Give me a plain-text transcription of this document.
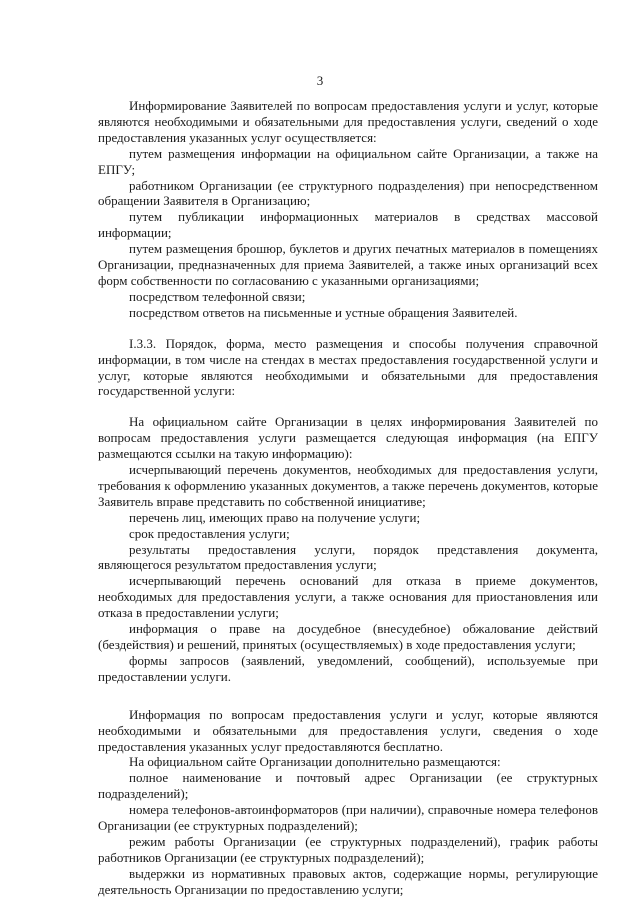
3

Информирование Заявителей по вопросам предоставления услуги и услуг, которые являются необходимыми и обязательными для предоставления услуги, сведений о ходе предоставления указанных услуг осуществляется:

путем размещения информации на официальном сайте Организации, а также на ЕПГУ;

работником Организации (ее структурного подразделения) при непосредственном обращении Заявителя в Организацию;

путем публикации информационных материалов в средствах массовой информации;

путем размещения брошюр, буклетов и других печатных материалов в помещениях Организации, предназначенных для приема Заявителей, а также иных организаций всех форм собственности по согласованию с указанными организациями;

посредством телефонной связи;

посредством ответов на письменные и устные обращения Заявителей.

I.3.3. Порядок, форма, место размещения и способы получения справочной информации, в том числе на стендах в местах предоставления государственной услуги и услуг, которые являются необходимыми и обязательными для предоставления государственной услуги:

На официальном сайте Организации в целях информирования Заявителей по вопросам предоставления услуги размещается следующая информация (на ЕПГУ размещаются ссылки на такую информацию):

исчерпывающий перечень документов, необходимых для предоставления услуги, требования к оформлению указанных документов, а также перечень документов, которые Заявитель вправе представить по собственной инициативе;

перечень лиц, имеющих право на получение услуги;

срок предоставления услуги;

результаты предоставления услуги, порядок представления документа, являющегося результатом предоставления услуги;

исчерпывающий перечень оснований для отказа в приеме документов, необходимых для предоставления услуги, а также основания для приостановления или отказа в предоставлении услуги;

информация о праве на досудебное (внесудебное) обжалование действий (бездействия) и решений, принятых (осуществляемых) в ходе предоставления услуги;

формы запросов (заявлений, уведомлений, сообщений), используемые при предоставлении услуги.

Информация по вопросам предоставления услуги и услуг, которые являются необходимыми и обязательными для предоставления услуги, сведения о ходе предоставления указанных услуг предоставляются бесплатно.

На официальном сайте Организации дополнительно размещаются:

полное наименование и почтовый адрес Организации (ее структурных подразделений);

номера телефонов-автоинформаторов (при наличии), справочные номера телефонов Организации (ее структурных подразделений);

режим работы Организации (ее структурных подразделений), график работы работников Организации (ее структурных подразделений);

выдержки из нормативных правовых актов, содержащие нормы, регулирующие деятельность Организации по предоставлению услуги;
